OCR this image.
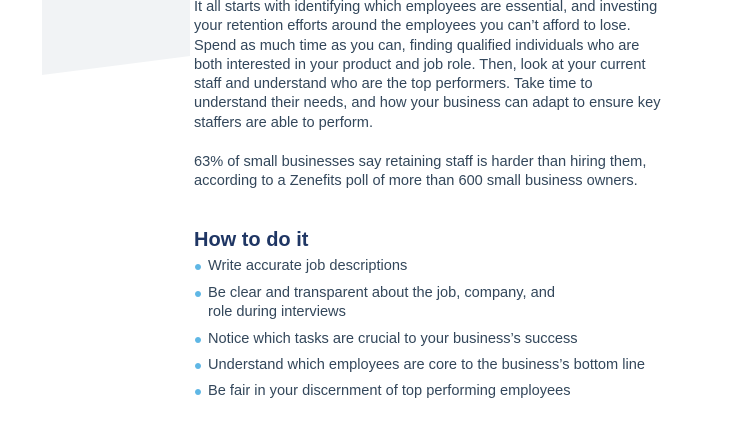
It all starts with identifying which employees are essential, and investing your retention efforts around the employees you can’t afford to lose. Spend as much time as you can, finding qualified individuals who are both interested in your product and job role. Then, look at your current staff and understand who are the top performers. Take time to understand their needs, and how your business can adapt to ensure key staffers are able to perform.

63% of small businesses say retaining staff is harder than hiring them, according to a Zenefits poll of more than 600 small business owners.

How to do it
Write accurate job descriptions
Be clear and transparent about the job, company, and role during interviews
Notice which tasks are crucial to your business’s success
Understand which employees are core to the business’s bottom line
Be fair in your discernment of top performing employees
